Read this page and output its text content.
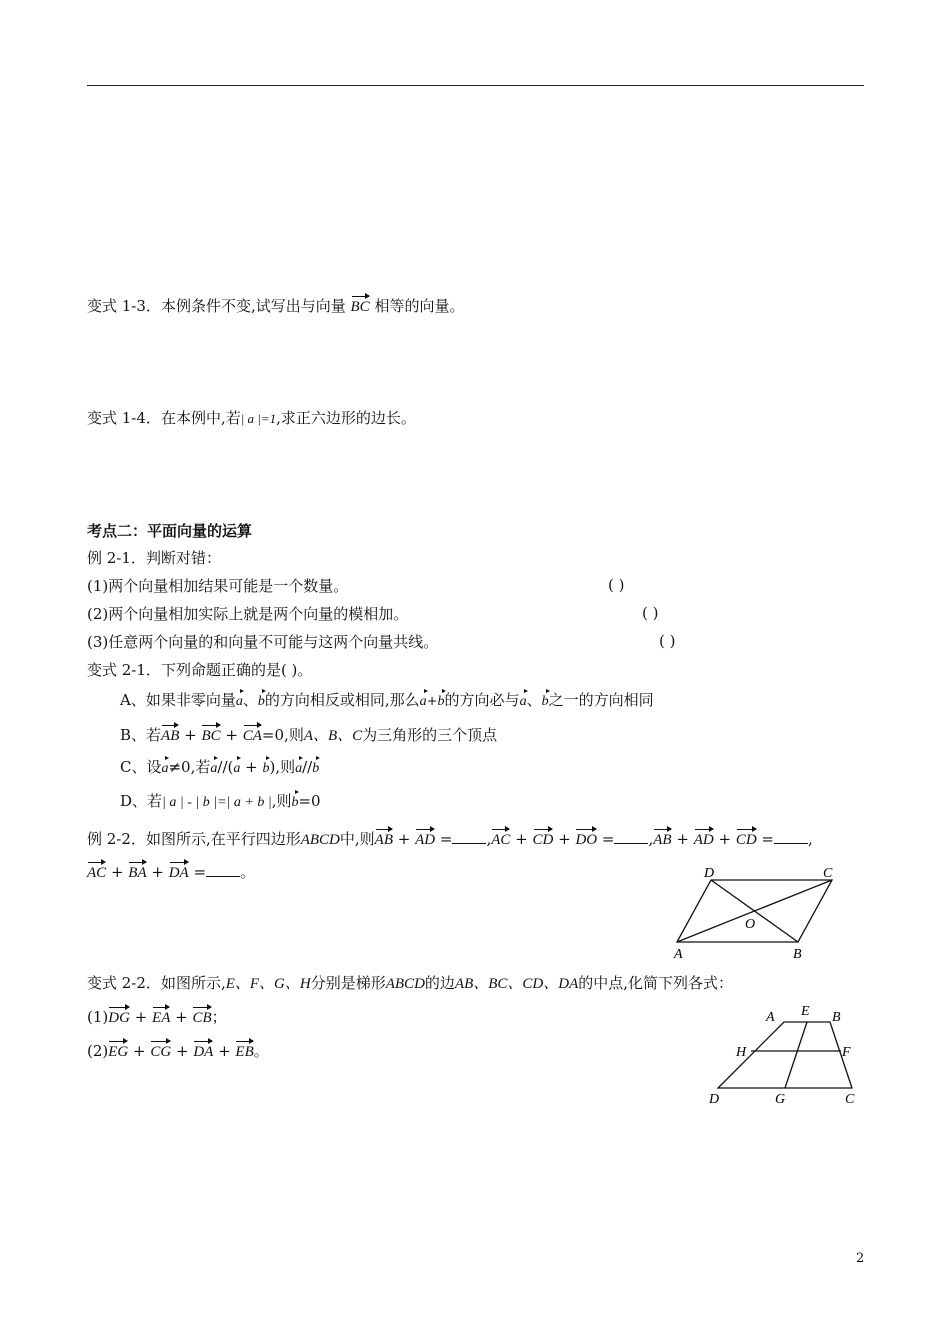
变式 1-3．本例条件不变,试写出与向量 BC 相等的向量。
变式 1-4．在本例中,若| a |=1,求正六边形的边长。
考点二：平面向量的运算
例 2-1．判断对错：
(1)两个向量相加结果可能是一个数量。	( )
(2)两个向量相加实际上就是两个向量的模相加。	( )
(3)任意两个向量的和向量不可能与这两个向量共线。	( )
变式 2-1．下列命题正确的是( )。
A、如果非零向量a、b的方向相反或相同,那么a+b的方向必与a、b之一的方向相同
B、若AB + BC + CA=0,则A、B、C为三角形的三个顶点
C、设a≠0,若a//(a + b),则a//b
D、若| a | - | b |=| a + b |,则b=0
例 2-2．如图所示,在平行四边形ABCD中,则AB + AD = ,AC + CD + DO = ,AB + AD + CD = ,
AC + BA + DA = 。	D	C
A	B
O
变式 2-2．如图所示,E、F、G、H分别是梯形ABCD的边AB、BC、CD、DA的中点,化简下列各式：
(1)DG + EA + CB；
(2)EG + CG + DA + EB。
A E B
H	F
D	G	C
2
